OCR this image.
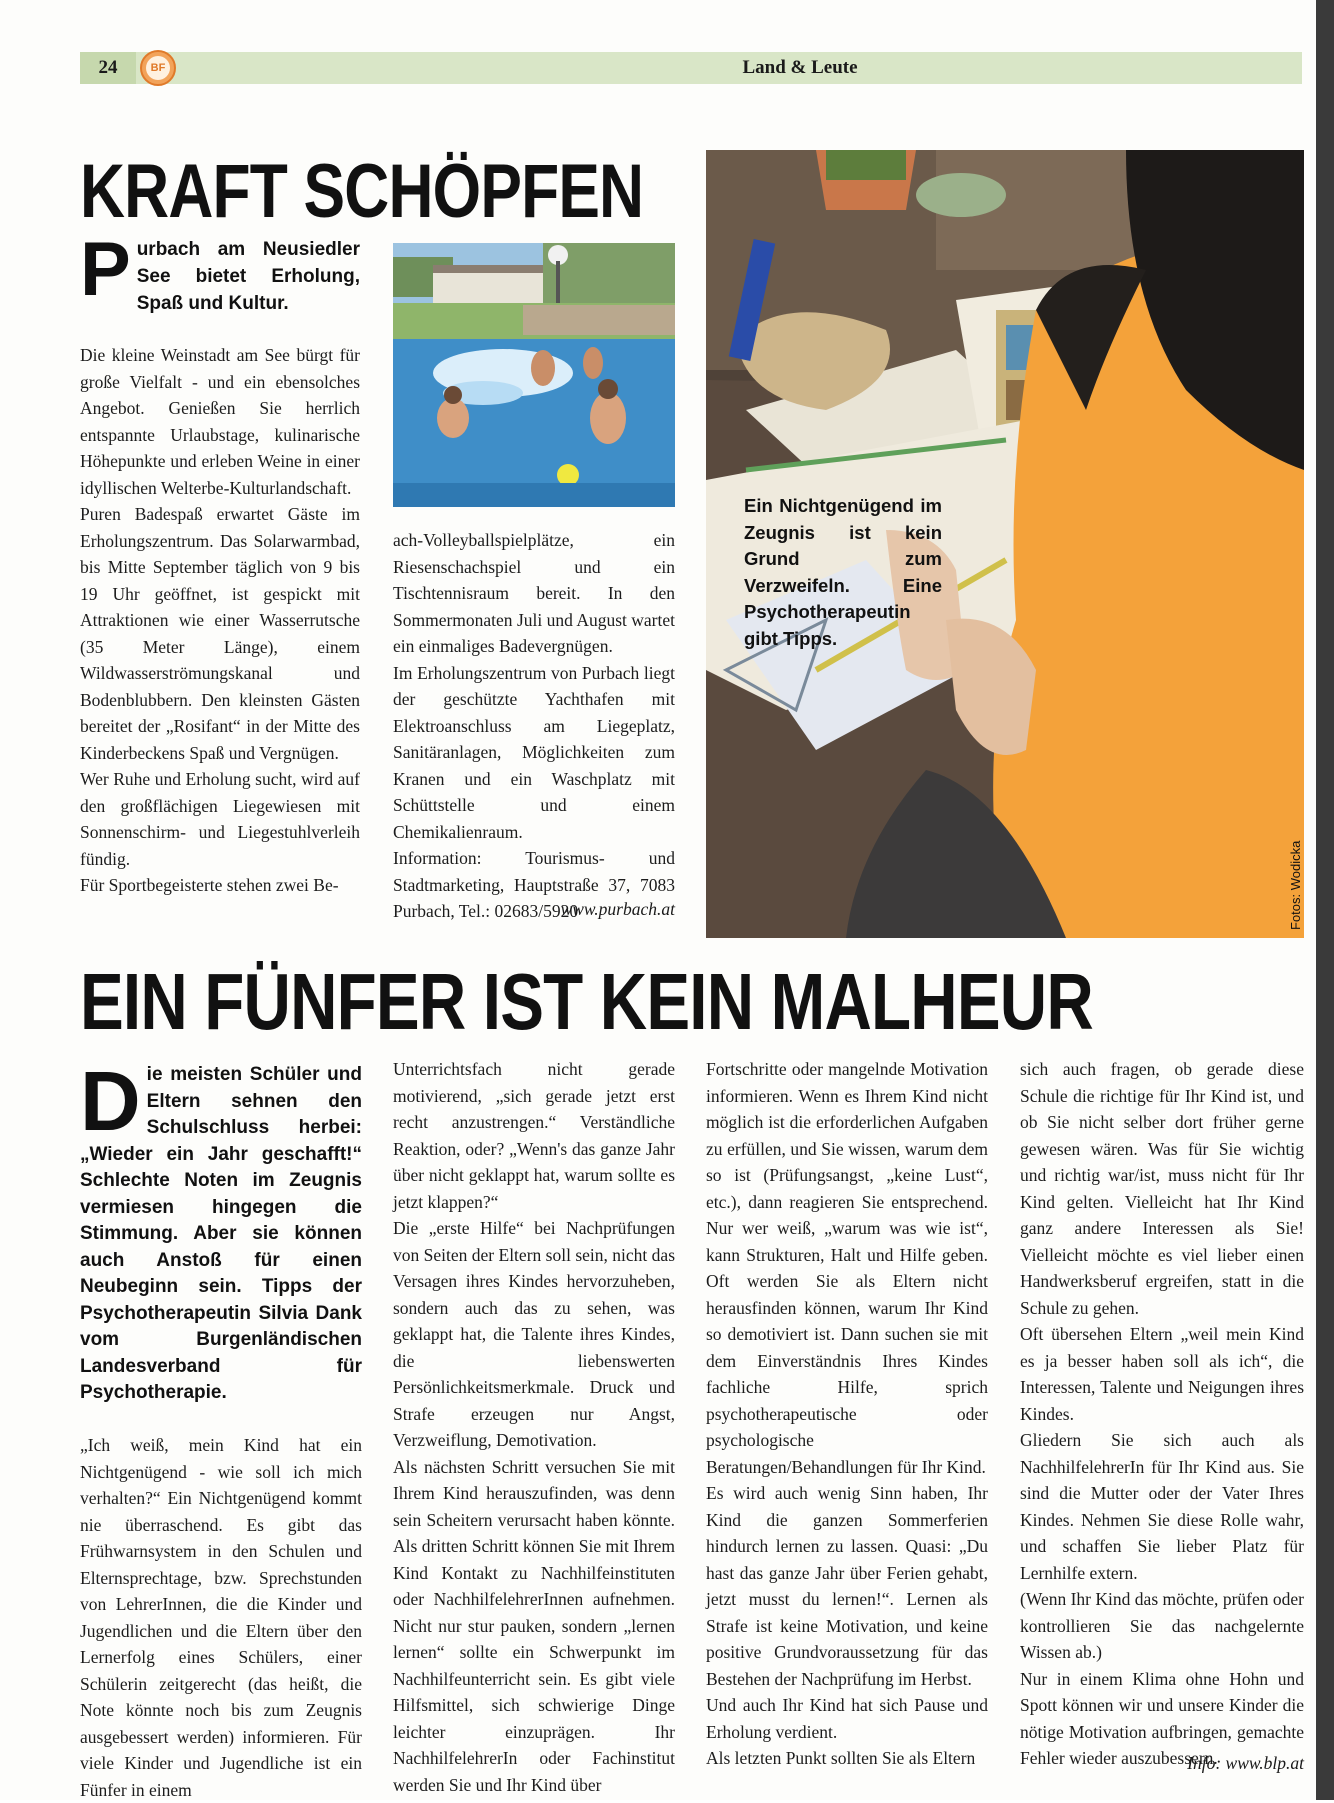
24	BF	Land & Leute
KRAFT SCHÖPFEN
P urbach am Neusiedler See bietet Erholung, Spaß und Kultur.

Die kleine Weinstadt am See bürgt für große Vielfalt - und ein ebensolches Angebot. Genießen Sie herrlich entspannte Urlaubstage, kulinarische Höhepunkte und erleben Weine in einer idyllischen Welterbe-Kulturlandschaft.

Puren Badespaß erwartet Gäste im Erholungszentrum. Das Solarwarmbad, bis Mitte September täglich von 9 bis 19 Uhr geöffnet, ist gespickt mit Attraktionen wie einer Wasserrutsche (35 Meter Länge), einem Wildwasserströmungskanal und Bodenblubbern. Den kleinsten Gästen bereitet der „Rosifant“ in der Mitte des Kinderbeckens Spaß und Vergnügen.

Wer Ruhe und Erholung sucht, wird auf den großflächigen Liegewiesen mit Sonnenschirm- und Liegestuhlverleih fündig.

Für Sportbegeisterte stehen zwei Be-

ach-Volleyballspielplätze, ein Riesenschachspiel und ein Tischtennisraum bereit. In den Sommermonaten Juli und August wartet ein einmaliges Badevergnügen.

Im Erholungszentrum von Purbach liegt der geschützte Yachthafen mit Elektroanschluss am Liegeplatz, Sanitäranlagen, Möglichkeiten zum Kranen und ein Waschplatz mit Schüttstelle und einem Chemikalienraum.

Information: Tourismus- und Stadtmarketing, Hauptstraße 37, 7083 Purbach, Tel.: 02683/5920

www.purbach.at
Ein Nichtgenügend im Zeugnis ist kein Grund zum Verzweifeln. Eine Psychotherapeutin gibt Tipps.
Fotos: Wodicka
EIN FÜNFER IST KEIN MALHEUR
D ie meisten Schüler und Eltern sehnen den Schulschluss herbei: „Wieder ein Jahr geschafft!“ Schlechte Noten im Zeugnis vermiesen hingegen die Stimmung. Aber sie können auch Anstoß für einen Neubeginn sein. Tipps der Psychotherapeutin Silvia Dank vom Burgenländischen Landesverband für Psychotherapie.

„Ich weiß, mein Kind hat ein Nichtgenügend - wie soll ich mich verhalten?“ Ein Nichtgenügend kommt nie überraschend. Es gibt das Frühwarnsystem in den Schulen und Elternsprechtage, bzw. Sprechstunden von LehrerInnen, die die Kinder und Jugendlichen und die Eltern über den Lernerfolg eines Schülers, einer Schülerin zeitgerecht (das heißt, die Note könnte noch bis zum Zeugnis ausgebessert werden) informieren. Für viele Kinder und Jugendliche ist ein Fünfer in einem

Unterrichtsfach nicht gerade motivierend, „sich gerade jetzt erst recht anzustrengen.“ Verständliche Reaktion, oder? „Wenn's das ganze Jahr über nicht geklappt hat, warum sollte es jetzt klappen?“

Die „erste Hilfe“ bei Nachprüfungen von Seiten der Eltern soll sein, nicht das Versagen ihres Kindes hervorzuheben, sondern auch das zu sehen, was geklappt hat, die Talente ihres Kindes, die liebenswerten Persönlichkeitsmerkmale. Druck und Strafe erzeugen nur Angst, Verzweiflung, Demotivation.

Als nächsten Schritt versuchen Sie mit Ihrem Kind herauszufinden, was denn sein Scheitern verursacht haben könnte. Als dritten Schritt können Sie mit Ihrem Kind Kontakt zu Nachhilfeinstituten oder NachhilfelehrerInnen aufnehmen. Nicht nur stur pauken, sondern „lernen lernen“ sollte ein Schwerpunkt im Nachhilfeunterricht sein. Es gibt viele Hilfsmittel, sich schwierige Dinge leichter einzuprägen. Ihr NachhilfelehrerIn oder Fachinstitut werden Sie und Ihr Kind über

Fortschritte oder mangelnde Motivation informieren. Wenn es Ihrem Kind nicht möglich ist die erforderlichen Aufgaben zu erfüllen, und Sie wissen, warum dem so ist (Prüfungsangst, „keine Lust“, etc.), dann reagieren Sie entsprechend. Nur wer weiß, „warum was wie ist“, kann Strukturen, Halt und Hilfe geben. Oft werden Sie als Eltern nicht herausfinden können, warum Ihr Kind so demotiviert ist. Dann suchen sie mit dem Einverständnis Ihres Kindes fachliche Hilfe, sprich psychotherapeutische oder psychologische Beratungen/Behandlungen für Ihr Kind.

Es wird auch wenig Sinn haben, Ihr Kind die ganzen Sommerferien hindurch lernen zu lassen. Quasi: „Du hast das ganze Jahr über Ferien gehabt, jetzt musst du lernen!“. Lernen als Strafe ist keine Motivation, und keine positive Grundvoraussetzung für das Bestehen der Nachprüfung im Herbst.

Und auch Ihr Kind hat sich Pause und Erholung verdient.

Als letzten Punkt sollten Sie als Eltern

sich auch fragen, ob gerade diese Schule die richtige für Ihr Kind ist, und ob Sie nicht selber dort früher gerne gewesen wären. Was für Sie wichtig und richtig war/ist, muss nicht für Ihr Kind gelten. Vielleicht hat Ihr Kind ganz andere Interessen als Sie! Vielleicht möchte es viel lieber einen Handwerksberuf ergreifen, statt in die Schule zu gehen.

Oft übersehen Eltern „weil mein Kind es ja besser haben soll als ich“, die Interessen, Talente und Neigungen ihres Kindes.

Gliedern Sie sich auch als NachhilfelehrerIn für Ihr Kind aus. Sie sind die Mutter oder der Vater Ihres Kindes. Nehmen Sie diese Rolle wahr, und schaffen Sie lieber Platz für Lernhilfe extern.

(Wenn Ihr Kind das möchte, prüfen oder kontrollieren Sie das nachgelernte Wissen ab.)

Nur in einem Klima ohne Hohn und Spott können wir und unsere Kinder die nötige Motivation aufbringen, gemachte Fehler wieder auszubessern.

Info: www.blp.at
